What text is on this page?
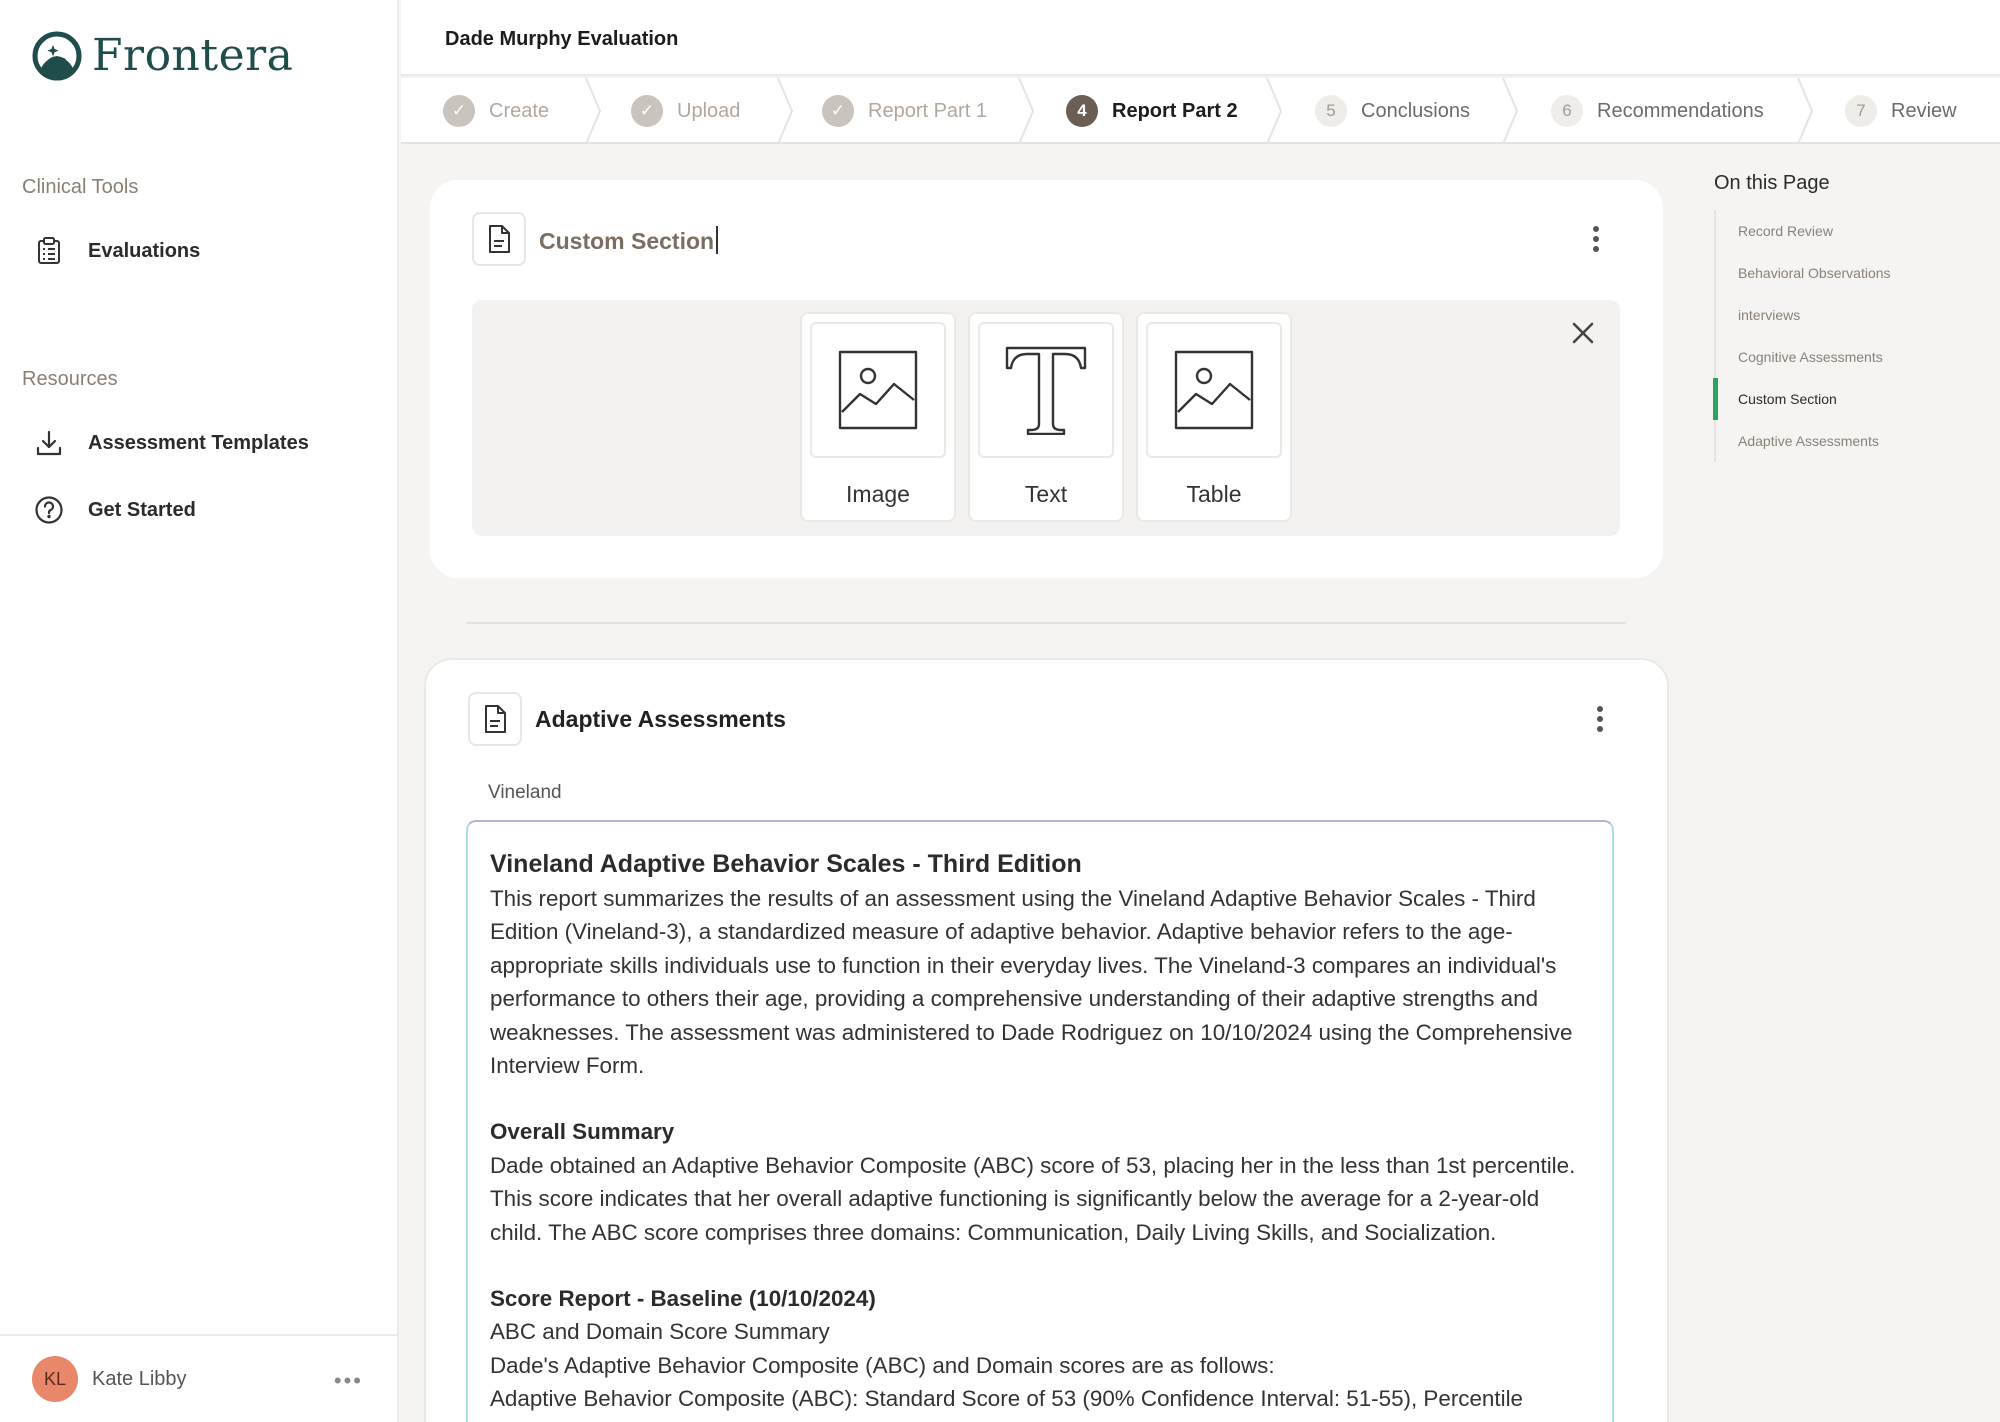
Frontera
Clinical Tools
Evaluations
Resources
Assessment Templates
Get Started
KL	Kate Libby	•••
Dade Murphy Evaluation
✓	Create	✓	Upload	✓	Report Part 1	4	Report Part 2	5	Conclusions	6	Recommendations	7	Review
Custom Section
Image	Text	Table
Adaptive Assessments
Vineland
Vineland Adaptive Behavior Scales - Third Edition

This report summarizes the results of an assessment using the Vineland Adaptive Behavior Scales - Third Edition (Vineland-3), a standardized measure of adaptive behavior. Adaptive behavior refers to the age-appropriate skills individuals use to function in their everyday lives. The Vineland-3 compares an individual's performance to others their age, providing a comprehensive understanding of their adaptive strengths and weaknesses. The assessment was administered to Dade Rodriguez on 10/10/2024 using the Comprehensive Interview Form.

Overall Summary

Dade obtained an Adaptive Behavior Composite (ABC) score of 53, placing her in the less than 1st percentile. This score indicates that her overall adaptive functioning is significantly below the average for a 2-year-old child. The ABC score comprises three domains: Communication, Daily Living Skills, and Socialization.

Score Report - Baseline (10/10/2024)

ABC and Domain Score Summary

Dade's Adaptive Behavior Composite (ABC) and Domain scores are as follows:

Adaptive Behavior Composite (ABC): Standard Score of 53 (90% Confidence Interval: 51-55), Percentile

On this Page
Record Review
Behavioral Observations
interviews
Cognitive Assessments
Custom Section
Adaptive Assessments
